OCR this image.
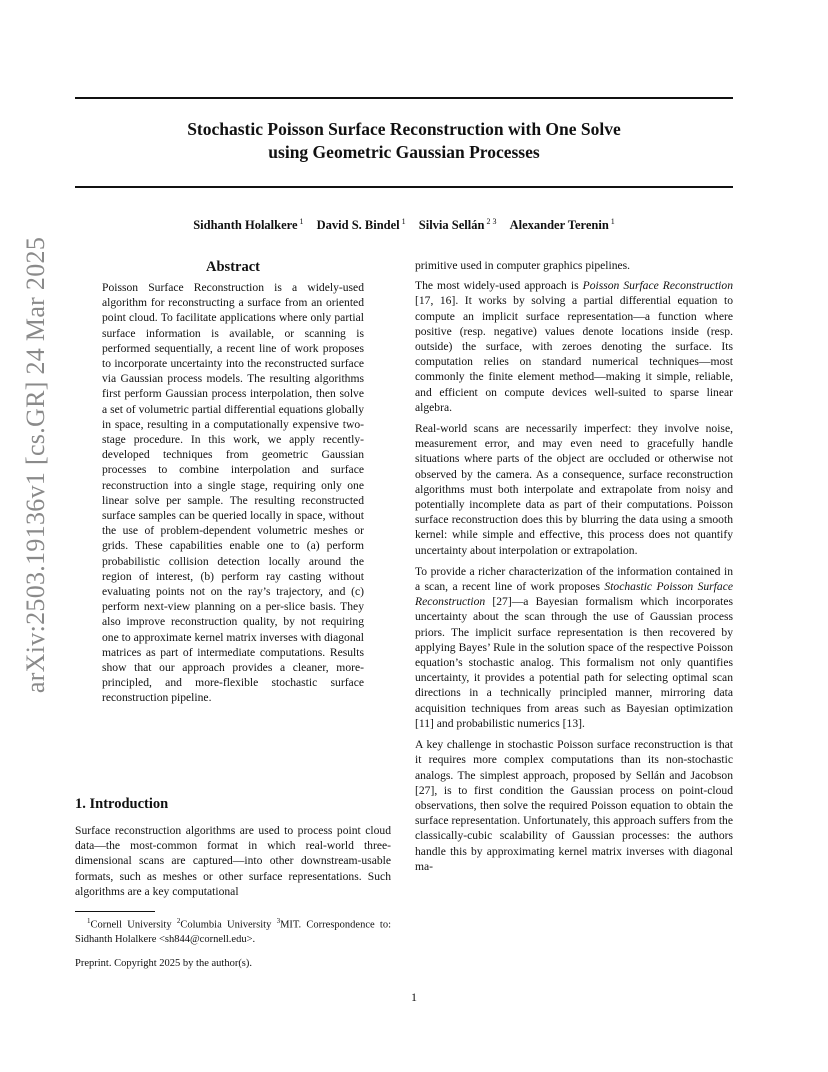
arXiv:2503.19136v1 [cs.GR] 24 Mar 2025
Stochastic Poisson Surface Reconstruction with One Solve
using Geometric Gaussian Processes
Sidhanth Holalkere $^1$ David S. Bindel $^1$ Silvia Sellán $^{2 3}$ Alexander Terenin $^1$
Abstract

Poisson Surface Reconstruction is a widely-used algorithm for reconstructing a surface from an oriented point cloud. To facilitate applications where only partial surface information is available, or scanning is performed sequentially, a recent line of work proposes to incorporate uncertainty into the reconstructed surface via Gaussian process models. The resulting algorithms first perform Gaussian process interpolation, then solve a set of volumetric partial differential equations globally in space, resulting in a computationally expensive two-stage procedure. In this work, we apply recently-developed techniques from geometric Gaussian processes to combine interpolation and surface reconstruction into a single stage, requiring only one linear solve per sample. The resulting reconstructed surface samples can be queried locally in space, without the use of problem-dependent volumetric meshes or grids. These capabilities enable one to (a) perform probabilistic collision detection locally around the region of interest, (b) perform ray casting without evaluating points not on the ray’s trajectory, and (c) perform next-view planning on a per-slice basis. They also improve reconstruction quality, by not requiring one to approximate kernel matrix inverses with diagonal matrices as part of intermediate computations. Results show that our approach provides a cleaner, more-principled, and more-flexible stochastic surface reconstruction pipeline.

1. Introduction

Surface reconstruction algorithms are used to process point cloud data—the most-common format in which real-world three-dimensional scans are captured—into other downstream-usable formats, such as meshes or other surface representations. Such algorithms are a key computational

$^1$Cornell University $^2$Columbia University $^3$MIT. Correspondence to: Sidhanth Holalkere <sh844@cornell.edu>.

Preprint. Copyright 2025 by the author(s).

primitive used in computer graphics pipelines.

The most widely-used approach is Poisson Surface Reconstruction [17, 16]. It works by solving a partial differential equation to compute an implicit surface representation—a function where positive (resp. negative) values denote locations inside (resp. outside) the surface, with zeroes denoting the surface. Its computation relies on standard numerical techniques—most commonly the finite element method—making it simple, reliable, and efficient on compute devices well-suited to sparse linear algebra.

Real-world scans are necessarily imperfect: they involve noise, measurement error, and may even need to gracefully handle situations where parts of the object are occluded or otherwise not observed by the camera. As a consequence, surface reconstruction algorithms must both interpolate and extrapolate from noisy and potentially incomplete data as part of their computations. Poisson surface reconstruction does this by blurring the data using a smooth kernel: while simple and effective, this process does not quantify uncertainty about interpolation or extrapolation.

To provide a richer characterization of the information contained in a scan, a recent line of work proposes Stochastic Poisson Surface Reconstruction [27]—a Bayesian formalism which incorporates uncertainty about the scan through the use of Gaussian process priors. The implicit surface representation is then recovered by applying Bayes’ Rule in the solution space of the respective Poisson equation’s stochastic analog. This formalism not only quantifies uncertainty, it provides a potential path for selecting optimal scan directions in a technically principled manner, mirroring data acquisition techniques from areas such as Bayesian optimization [11] and probabilistic numerics [13].

A key challenge in stochastic Poisson surface reconstruction is that it requires more complex computations than its non-stochastic analogs. The simplest approach, proposed by Sellán and Jacobson [27], is to first condition the Gaussian process on point-cloud observations, then solve the required Poisson equation to obtain the surface representation. Unfortunately, this approach suffers from the classically-cubic scalability of Gaussian processes: the authors handle this by approximating kernel matrix inverses with diagonal ma-

1
